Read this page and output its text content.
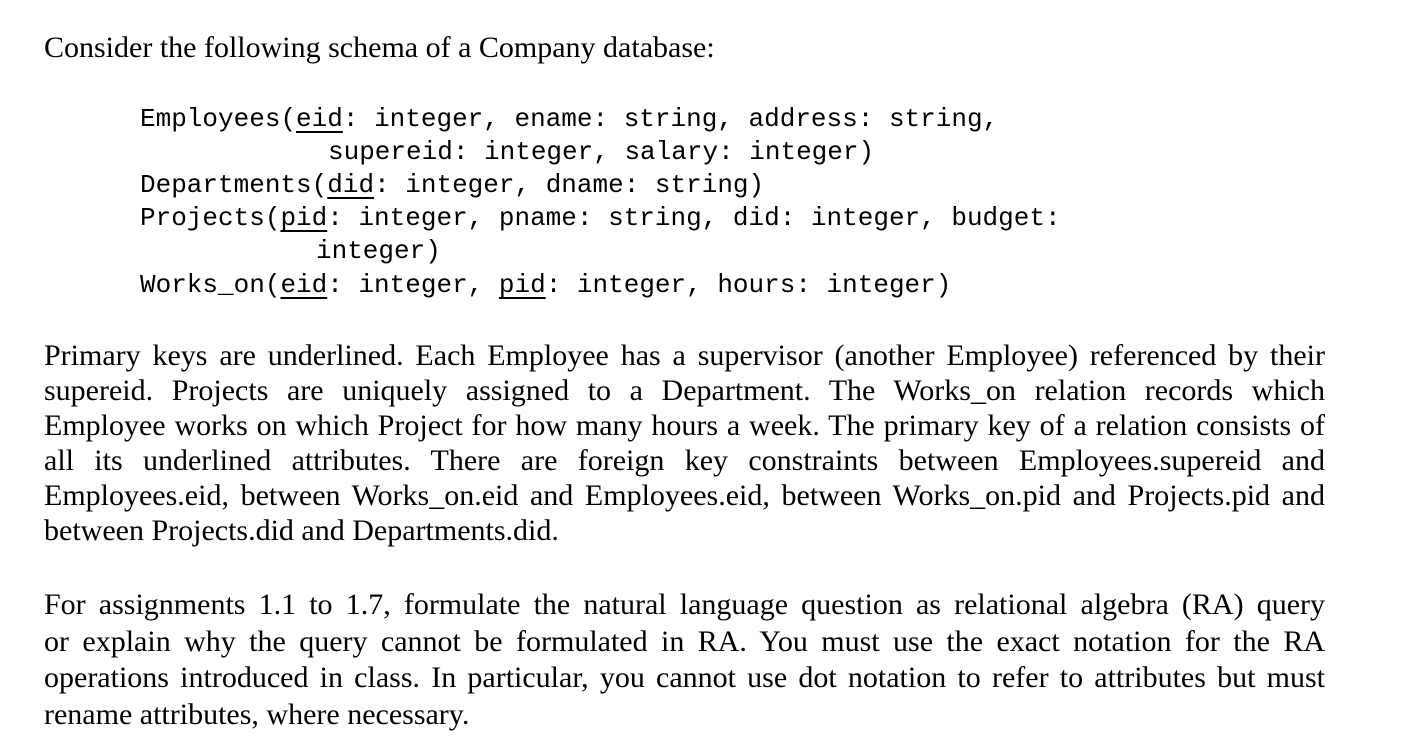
Consider the following schema of a Company database:
Employees(eid: integer, ename: string, address: string,
supereid: integer, salary: integer)
Departments(did: integer, dname: string)
Projects(pid: integer, pname: string, did: integer, budget:
integer)
Works_on(eid: integer, pid: integer, hours: integer)
Primary keys are underlined. Each Employee has a supervisor (another Employee) referenced by their
supereid. Projects are uniquely assigned to a Department. The Works_on relation records which
Employee works on which Project for how many hours a week. The primary key of a relation consists of
all its underlined attributes. There are foreign key constraints between Employees.supereid and
Employees.eid, between Works_on.eid and Employees.eid, between Works_on.pid and Projects.pid and
between Projects.did and Departments.did.
For assignments 1.1 to 1.7, formulate the natural language question as relational algebra (RA) query
or explain why the query cannot be formulated in RA. You must use the exact notation for the RA
operations introduced in class. In particular, you cannot use dot notation to refer to attributes but must
rename attributes, where necessary.
